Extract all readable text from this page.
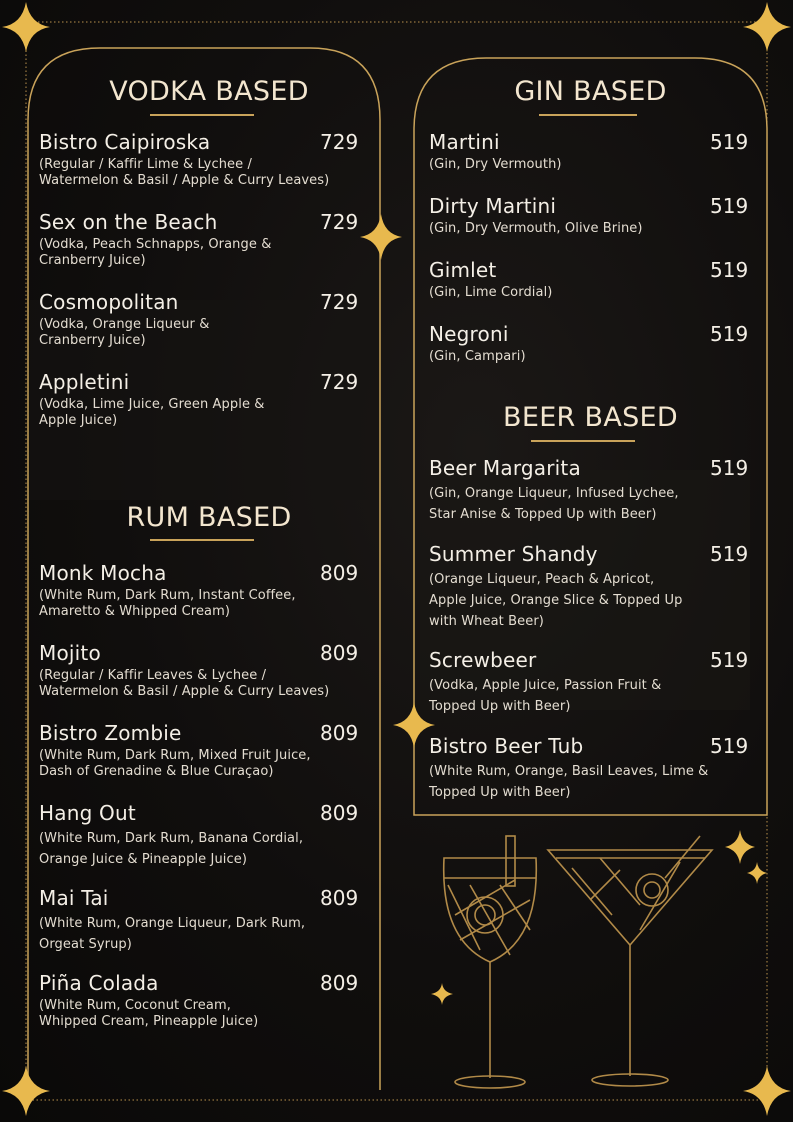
VODKA BASED
Bistro Caipiroska	729
(Regular / Kaffir Lime & Lychee /
Watermelon & Basil / Apple & Curry Leaves)
Sex on the Beach	729
(Vodka, Peach Schnapps, Orange &
Cranberry Juice)
Cosmopolitan	729
(Vodka, Orange Liqueur &
Cranberry Juice)
Appletini	729
(Vodka, Lime Juice, Green Apple &
Apple Juice)
RUM BASED
Monk Mocha	809
(White Rum, Dark Rum, Instant Coffee,
Amaretto & Whipped Cream)
Mojito	809
(Regular / Kaffir Leaves & Lychee /
Watermelon & Basil / Apple & Curry Leaves)
Bistro Zombie	809
(White Rum, Dark Rum, Mixed Fruit Juice,
Dash of Grenadine & Blue Curaçao)
Hang Out	809
(White Rum, Dark Rum, Banana Cordial,
Orange Juice & Pineapple Juice)
Mai Tai	809
(White Rum, Orange Liqueur, Dark Rum,
Orgeat Syrup)
Piña Colada	809
(White Rum, Coconut Cream,
Whipped Cream, Pineapple Juice)
GIN BASED
Martini	519
(Gin, Dry Vermouth)
Dirty Martini	519
(Gin, Dry Vermouth, Olive Brine)
Gimlet	519
(Gin, Lime Cordial)
Negroni	519
(Gin, Campari)
BEER BASED
Beer Margarita	519
(Gin, Orange Liqueur, Infused Lychee,
Star Anise & Topped Up with Beer)
Summer Shandy	519
(Orange Liqueur, Peach & Apricot,
Apple Juice, Orange Slice & Topped Up
with Wheat Beer)
Screwbeer	519
(Vodka, Apple Juice, Passion Fruit &
Topped Up with Beer)
Bistro Beer Tub	519
(White Rum, Orange, Basil Leaves, Lime &
Topped Up with Beer)
